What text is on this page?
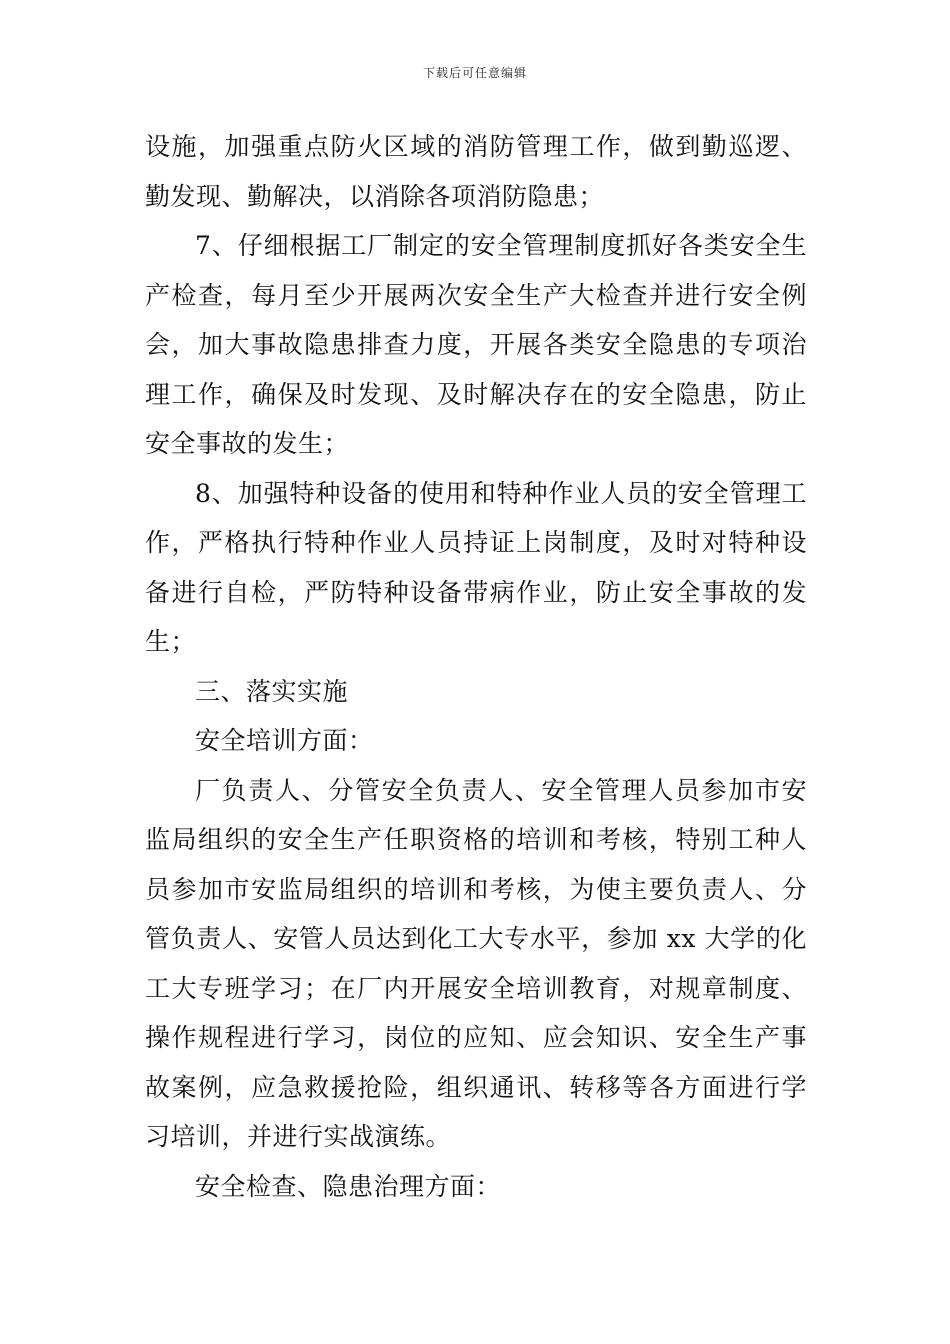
下载后可任意编辑
设施，加强重点防火区域的消防管理工作，做到勤巡逻、
勤发现、勤解决，以消除各项消防隐患；
7、仔细根据工厂制定的安全管理制度抓好各类安全生
产检查，每月至少开展两次安全生产大检查并进行安全例
会，加大事故隐患排查力度，开展各类安全隐患的专项治
理工作，确保及时发现、及时解决存在的安全隐患，防止
安全事故的发生；
8、加强特种设备的使用和特种作业人员的安全管理工
作，严格执行特种作业人员持证上岗制度，及时对特种设
备进行自检，严防特种设备带病作业，防止安全事故的发
生；
三、落实实施
安全培训方面：
厂负责人、分管安全负责人、安全管理人员参加市安
监局组织的安全生产任职资格的培训和考核，特别工种人
员参加市安监局组织的培训和考核，为使主要负责人、分
管负责人、安管人员达到化工大专水平，参加 xx 大学的化
工大专班学习；在厂内开展安全培训教育，对规章制度、
操作规程进行学习，岗位的应知、应会知识、安全生产事
故案例，应急救援抢险，组织通讯、转移等各方面进行学
习培训，并进行实战演练。
安全检查、隐患治理方面：
